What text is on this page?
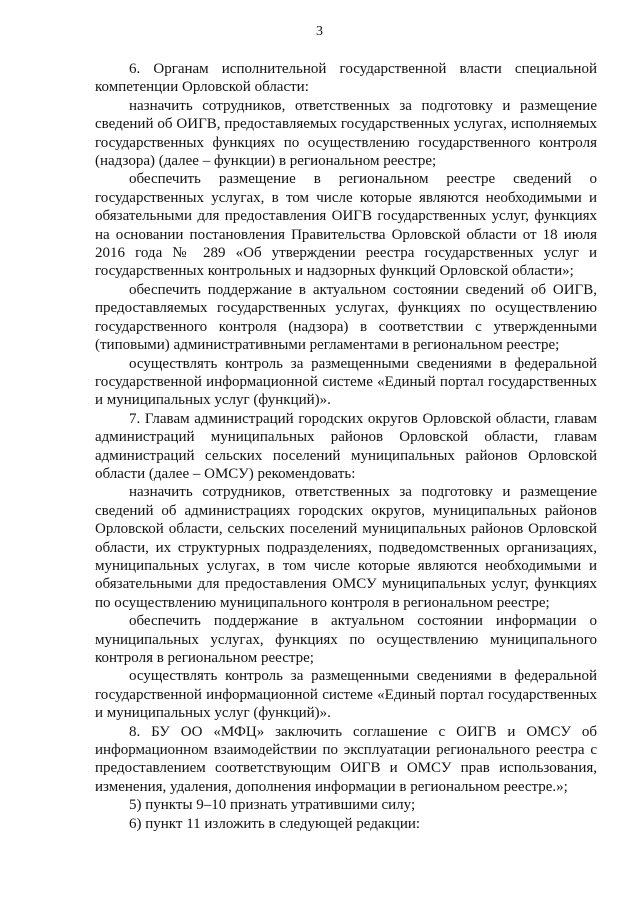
3

6. Органам исполнительной государственной власти специальной компетенции Орловской области:

назначить сотрудников, ответственных за подготовку и размещение сведений об ОИГВ, предоставляемых государственных услугах, исполняемых государственных функциях по осуществлению государственного контроля (надзора) (далее – функции) в региональном реестре;

обеспечить размещение в региональном реестре сведений о государственных услугах, в том числе которые являются необходимыми и обязательными для предоставления ОИГВ государственных услуг, функциях на основании постановления Правительства Орловской области от 18 июля 2016 года № 289 «Об утверждении реестра государственных услуг и государственных контрольных и надзорных функций Орловской области»;

обеспечить поддержание в актуальном состоянии сведений об ОИГВ, предоставляемых государственных услугах, функциях по осуществлению государственного контроля (надзора) в соответствии с утвержденными (типовыми) административными регламентами в региональном реестре;

осуществлять контроль за размещенными сведениями в федеральной государственной информационной системе «Единый портал государственных и муниципальных услуг (функций)».

7. Главам администраций городских округов Орловской области, главам администраций муниципальных районов Орловской области, главам администраций сельских поселений муниципальных районов Орловской области (далее – ОМСУ) рекомендовать:

назначить сотрудников, ответственных за подготовку и размещение сведений об администрациях городских округов, муниципальных районов Орловской области, сельских поселений муниципальных районов Орловской области, их структурных подразделениях, подведомственных организациях, муниципальных услугах, в том числе которые являются необходимыми и обязательными для предоставления ОМСУ муниципальных услуг, функциях по осуществлению муниципального контроля в региональном реестре;

обеспечить поддержание в актуальном состоянии информации о муниципальных услугах, функциях по осуществлению муниципального контроля в региональном реестре;

осуществлять контроль за размещенными сведениями в федеральной государственной информационной системе «Единый портал государственных и муниципальных услуг (функций)».

8. БУ ОО «МФЦ» заключить соглашение с ОИГВ и ОМСУ об информационном взаимодействии по эксплуатации регионального реестра с предоставлением соответствующим ОИГВ и ОМСУ прав использования, изменения, удаления, дополнения информации в региональном реестре.»;

5) пункты 9–10 признать утратившими силу;

6) пункт 11 изложить в следующей редакции:
